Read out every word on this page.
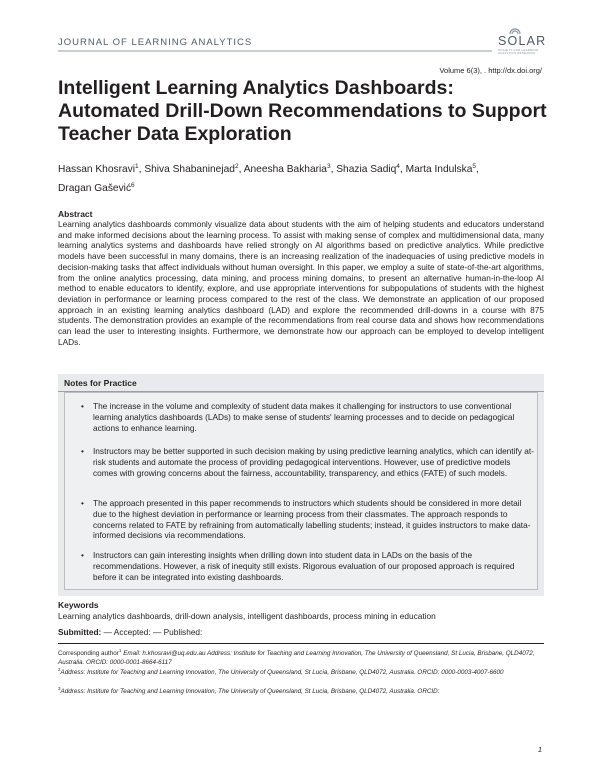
JOURNAL OF LEARNING ANALYTICS	SOLAR
SOCIETY FOR LEARNING ANALYTICS RESEARCH
Volume 6(3), . http://dx.doi.org/
Intelligent Learning Analytics Dashboards:
Automated Drill-Down Recommendations to Support
Teacher Data Exploration
Hassan Khosravi$^1$, Shiva Shabaninejad$^2$, Aneesha Bakharia$^3$, Shazia Sadiq$^4$, Marta Indulska$^5$,
Dragan Gašević$^6$
Abstract
Learning analytics dashboards commonly visualize data about students with the aim of helping students and educators understand and make informed decisions about the learning process. To assist with making sense of complex and multidimensional data, many learning analytics systems and dashboards have relied strongly on AI algorithms based on predictive analytics. While predictive models have been successful in many domains, there is an increasing realization of the inadequacies of using predictive models in decision-making tasks that affect individuals without human oversight. In this paper, we employ a suite of state-of-the-art algorithms, from the online analytics processing, data mining, and process mining domains, to present an alternative human-in-the-loop AI method to enable educators to identify, explore, and use appropriate interventions for subpopulations of students with the highest deviation in performance or learning process compared to the rest of the class. We demonstrate an application of our proposed approach in an existing learning analytics dashboard (LAD) and explore the recommended drill-downs in a course with 875 students. The demonstration provides an example of the recommendations from real course data and shows how recommendations can lead the user to interesting insights. Furthermore, we demonstrate how our approach can be employed to develop intelligent LADs.
Notes for Practice
• The increase in the volume and complexity of student data makes it challenging for instructors to use conventional learning analytics dashboards (LADs) to make sense of students' learning processes and to decide on pedagogical actions to enhance learning.
• Instructors may be better supported in such decision making by using predictive learning analytics, which can identify at-risk students and automate the process of providing pedagogical interventions. However, use of predictive models comes with growing concerns about the fairness, accountability, transparency, and ethics (FATE) of such models.
• The approach presented in this paper recommends to instructors which students should be considered in more detail due to the highest deviation in performance or learning process from their classmates. The approach responds to concerns related to FATE by refraining from automatically labelling students; instead, it guides instructors to make data-informed decisions via recommendations.
• Instructors can gain interesting insights when drilling down into student data in LADs on the basis of the recommendations. However, a risk of inequity still exists. Rigorous evaluation of our proposed approach is required before it can be integrated into existing dashboards.
Keywords
Learning analytics dashboards, drill-down analysis, intelligent dashboards, process mining in education
Submitted: — Accepted: — Published:
Corresponding author$^1$ Email: h.khosravi@uq.edu.au Address: Institute for Teaching and Learning Innovation, The University of Queensland, St Lucia, Brisbane, QLD4072, Australia. ORCID: 0000-0001-8664-6117
$^2$Address: Institute for Teaching and Learning Innovation, The University of Queensland, St Lucia, Brisbane, QLD4072, Australia. ORCID: 0000-0003-4007-6600
$^3$Address: Institute for Teaching and Learning Innovation, The University of Queensland, St Lucia, Brisbane, QLD4072, Australia. ORCID:
1
